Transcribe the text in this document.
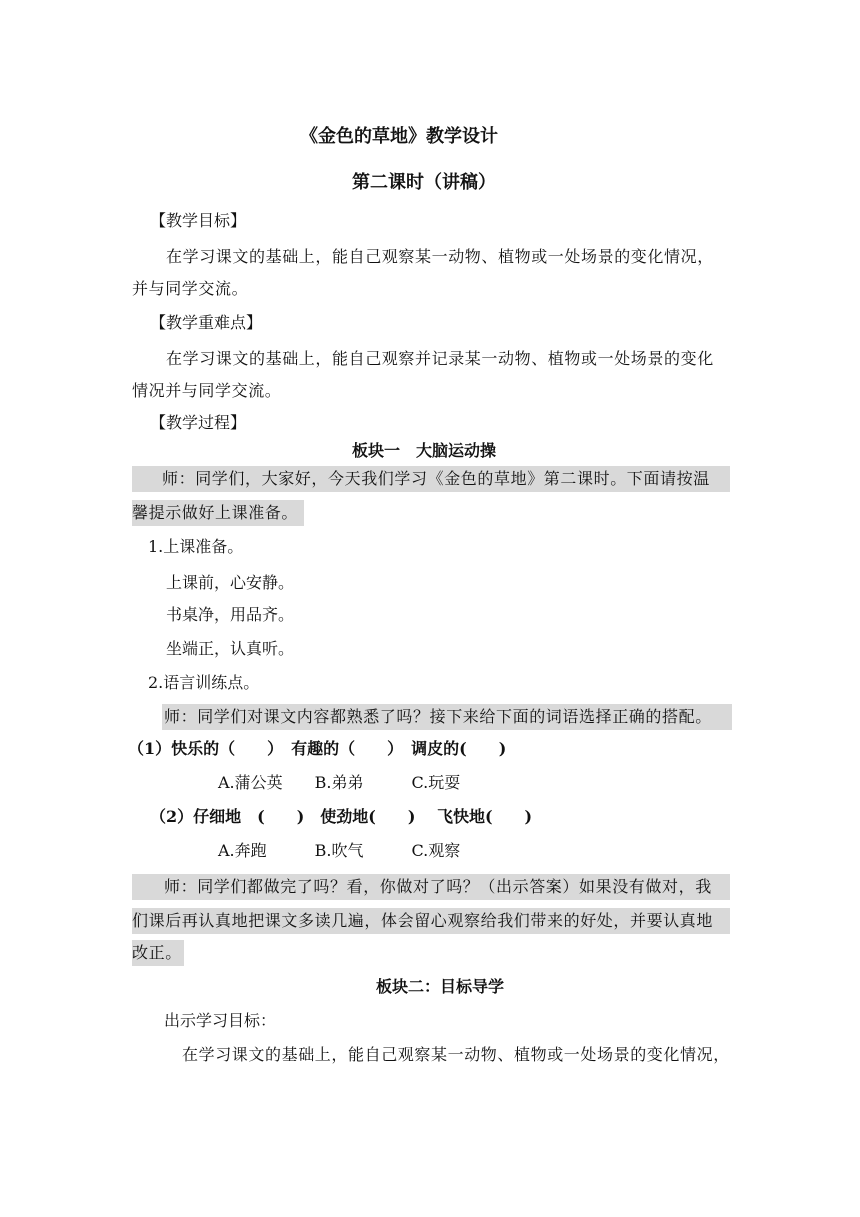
《金色的草地》教学设计
第二课时（讲稿）
【教学目标】
在学习课文的基础上，能自己观察某一动物、植物或一处场景的变化情况，
并与同学交流。
【教学重难点】
在学习课文的基础上，能自己观察并记录某一动物、植物或一处场景的变化
情况并与同学交流。
【教学过程】
板块一　大脑运动操
师：同学们，大家好，今天我们学习《金色的草地》第二课时。下面请按温
馨提示做好上课准备。
1.上课准备。
上课前，心安静。
书桌净，用品齐。
坐端正，认真听。
2.语言训练点。
师：同学们对课文内容都熟悉了吗？接下来给下面的词语选择正确的搭配。
（1）快乐的（　　）　有趣的（　　）　调皮的(　　)
A.蒲公英　　B.弟弟　　　C.玩耍
（2）仔细地　(　　)　使劲地(　　)　 飞快地(　　)
A.奔跑　　　B.吹气　　　C.观察
师：同学们都做完了吗？看，你做对了吗？（出示答案）如果没有做对，我
们课后再认真地把课文多读几遍，体会留心观察给我们带来的好处，并要认真地
改正。
板块二：目标导学
出示学习目标：
在学习课文的基础上，能自己观察某一动物、植物或一处场景的变化情况，
